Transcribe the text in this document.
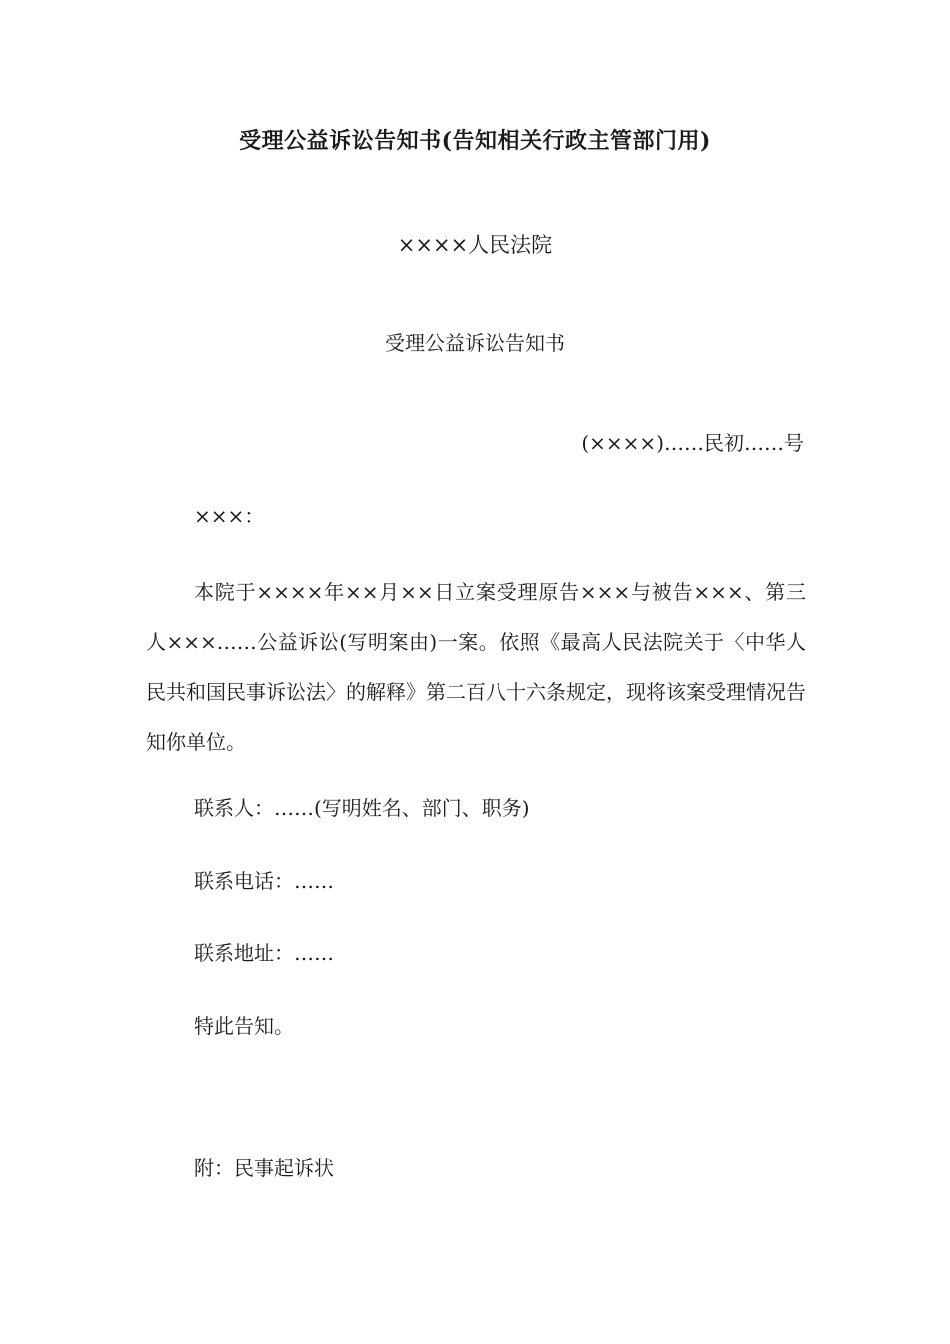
受理公益诉讼告知书(告知相关行政主管部门用)
××××人民法院
受理公益诉讼告知书
(××××)……民初……号
×××：
本院于××××年××月××日立案受理原告×××与被告×××、第三人×××……公益诉讼(写明案由)一案。依照《最高人民法院关于〈中华人民共和国民事诉讼法〉的解释》第二百八十六条规定，现将该案受理情况告知你单位。
联系人：……(写明姓名、部门、职务)
联系电话：……
联系地址：……
特此告知。
附：民事起诉状
